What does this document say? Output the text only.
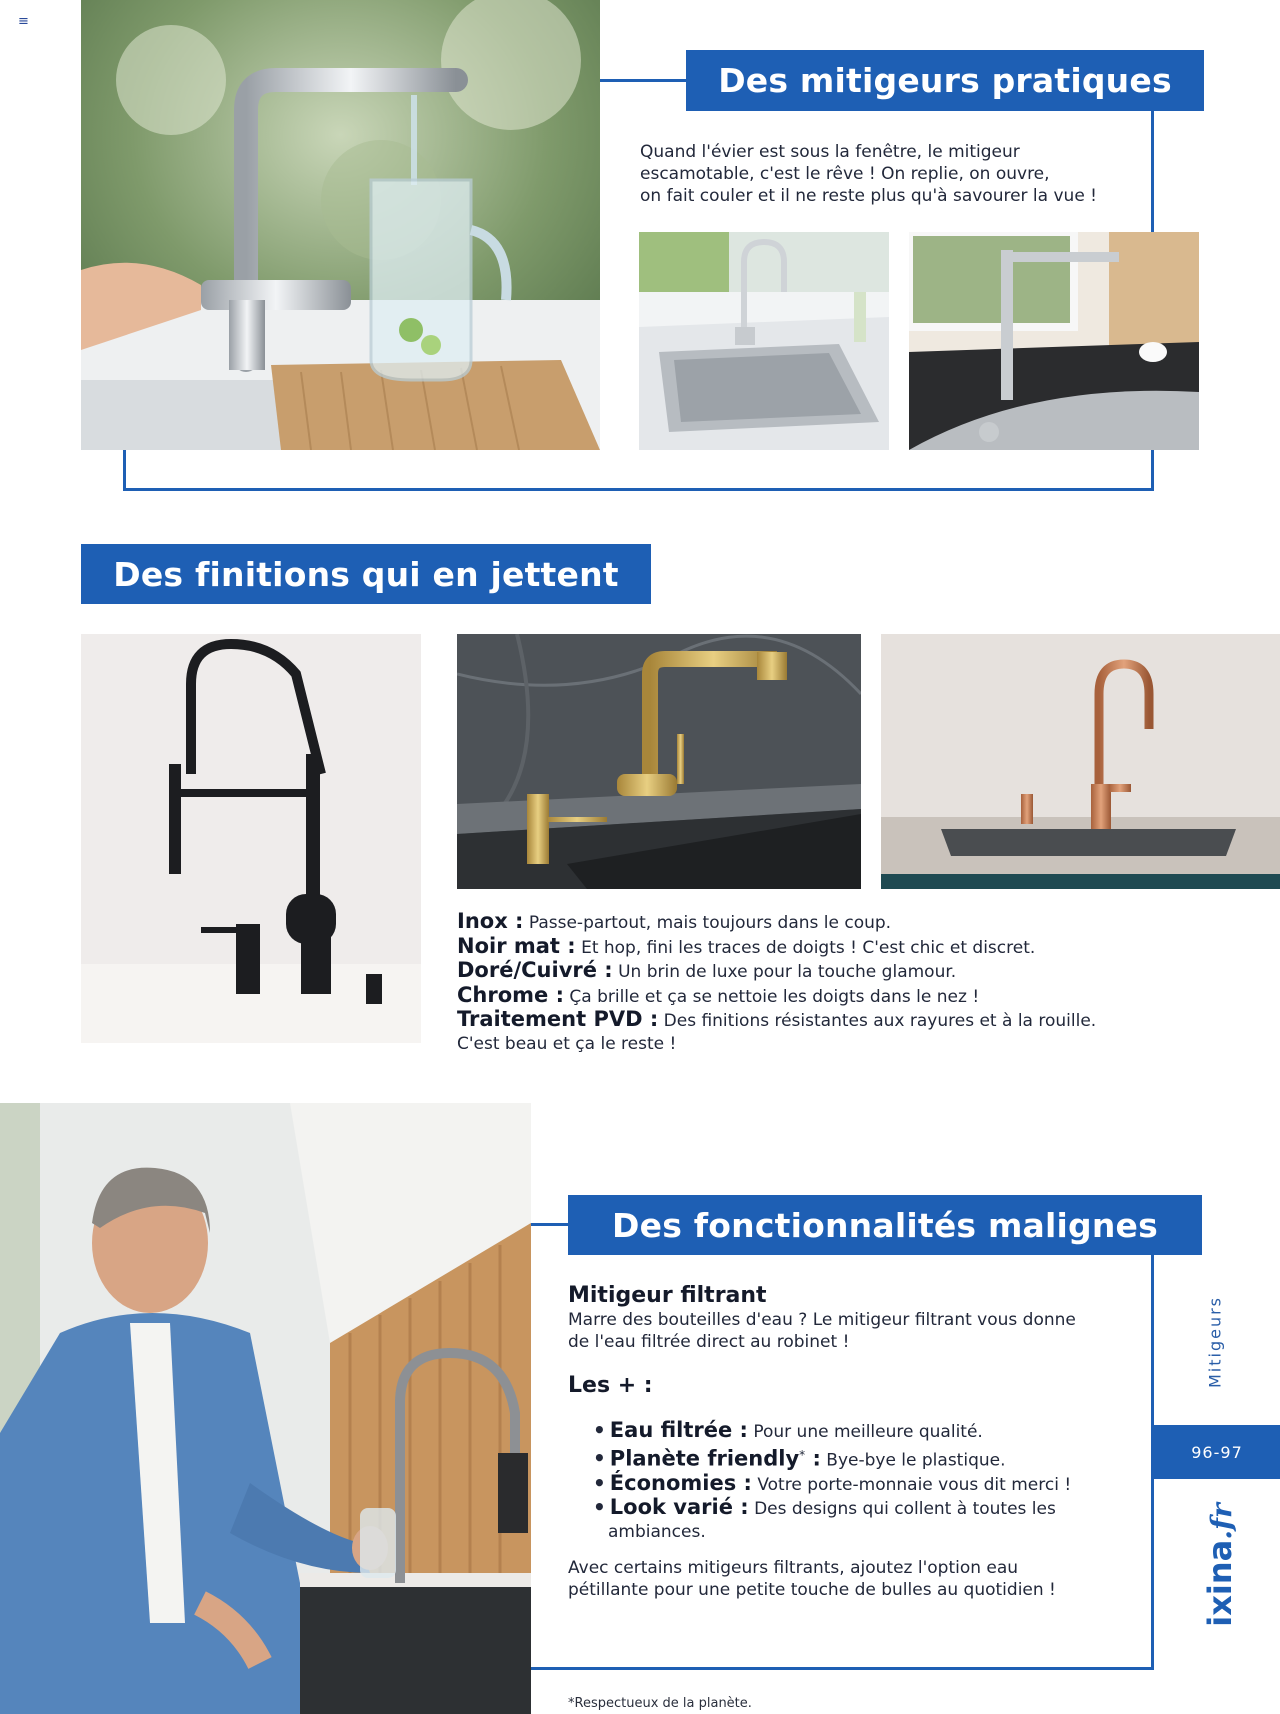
≡
Des mitigeurs pratiques
Quand l'évier est sous la fenêtre, le mitigeur
escamotable, c'est le rêve ! On replie, on ouvre,
on fait couler et il ne reste plus qu'à savourer la vue !
Des finitions qui en jettent
Inox : Passe-partout, mais toujours dans le coup.
Noir mat : Et hop, fini les traces de doigts ! C'est chic et discret.
Doré/Cuivré : Un brin de luxe pour la touche glamour.
Chrome : Ça brille et ça se nettoie les doigts dans le nez !
Traitement PVD : Des finitions résistantes aux rayures et à la rouille.
C'est beau et ça le reste !
Des fonctionnalités malignes
Mitigeur filtrant
Marre des bouteilles d'eau ? Le mitigeur filtrant vous donne
de l'eau filtrée direct au robinet !
Les + :
• Eau filtrée : Pour une meilleure qualité.
• Planète friendly* : Bye-bye le plastique.
• Économies : Votre porte-monnaie vous dit merci !
• Look varié : Des designs qui collent à toutes les
ambiances.
Avec certains mitigeurs filtrants, ajoutez l'option eau
pétillante pour une petite touche de bulles au quotidien !
*Respectueux de la planète.
Mitigeurs
96-97
ixina.fr
